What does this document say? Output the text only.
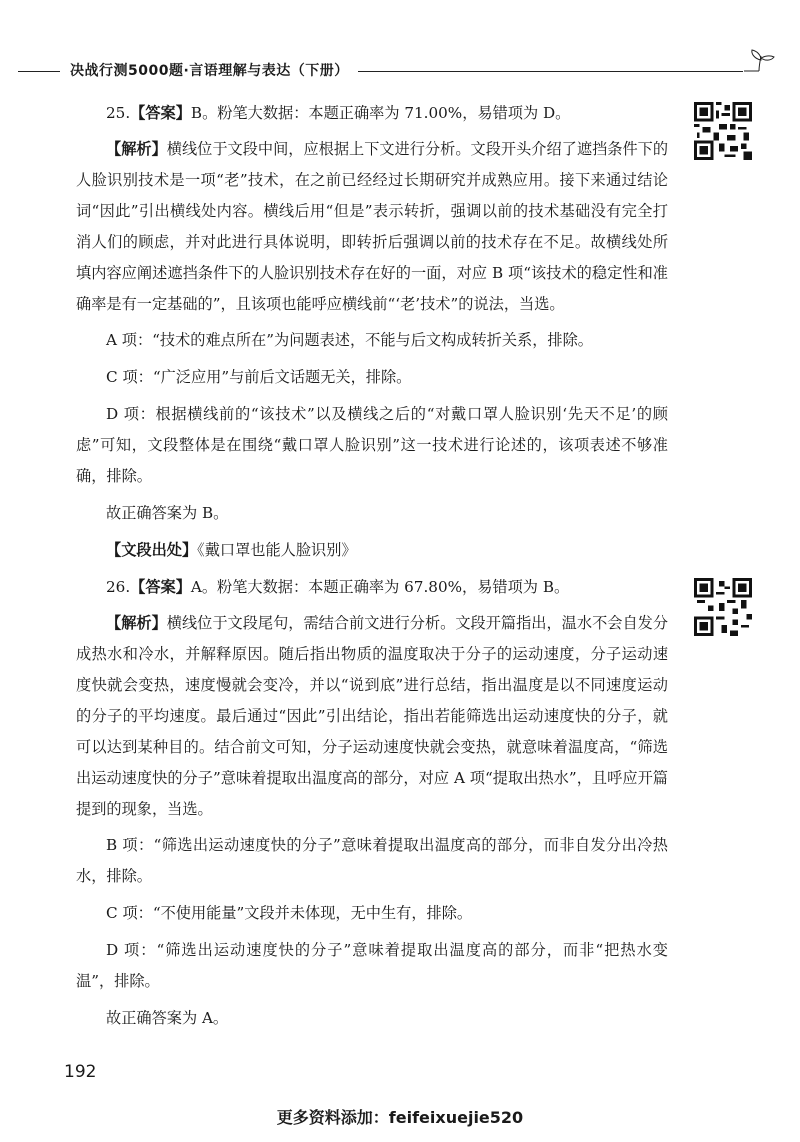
决战行测5000题·言语理解与表达（下册）

25.【答案】B。粉笔大数据：本题正确率为 71.00%，易错项为 D。

【解析】横线位于文段中间，应根据上下文进行分析。文段开头介绍了遮挡条件下的人脸识别技术是一项“老”技术，在之前已经经过长期研究并成熟应用。接下来通过结论词“因此”引出横线处内容。横线后用“但是”表示转折，强调以前的技术基础没有完全打消人们的顾虑，并对此进行具体说明，即转折后强调以前的技术存在不足。故横线处所填内容应阐述遮挡条件下的人脸识别技术存在好的一面，对应 B 项“该技术的稳定性和准确率是有一定基础的”，且该项也能呼应横线前“‘老’技术”的说法，当选。

A 项：“技术的难点所在”为问题表述，不能与后文构成转折关系，排除。

C 项：“广泛应用”与前后文话题无关，排除。

D 项：根据横线前的“该技术”以及横线之后的“对戴口罩人脸识别‘先天不足’的顾虑”可知，文段整体是在围绕“戴口罩人脸识别”这一技术进行论述的，该项表述不够准确，排除。

故正确答案为 B。

【文段出处】《戴口罩也能人脸识别》

26.【答案】A。粉笔大数据：本题正确率为 67.80%，易错项为 B。

【解析】横线位于文段尾句，需结合前文进行分析。文段开篇指出，温水不会自发分成热水和冷水，并解释原因。随后指出物质的温度取决于分子的运动速度，分子运动速度快就会变热，速度慢就会变冷，并以“说到底”进行总结，指出温度是以不同速度运动的分子的平均速度。最后通过“因此”引出结论，指出若能筛选出运动速度快的分子，就可以达到某种目的。结合前文可知，分子运动速度快就会变热，就意味着温度高，“筛选出运动速度快的分子”意味着提取出温度高的部分，对应 A 项“提取出热水”，且呼应开篇提到的现象，当选。

B 项：“筛选出运动速度快的分子”意味着提取出温度高的部分，而非自发分出冷热水，排除。

C 项：“不使用能量”文段并未体现，无中生有，排除。

D 项：“筛选出运动速度快的分子”意味着提取出温度高的部分，而非“把热水变温”，排除。

故正确答案为 A。

192
更多资料添加：feifeixuejie520
